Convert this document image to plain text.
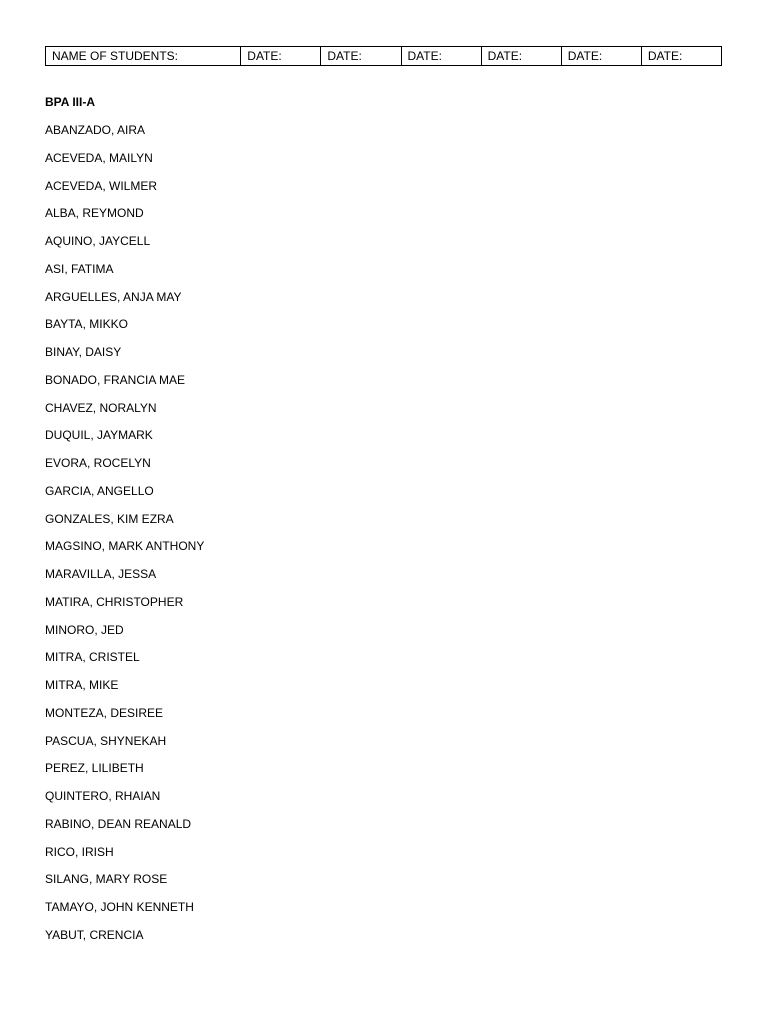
NAME OF STUDENTS:	DATE:	DATE:	DATE:	DATE:	DATE:	DATE:
BPA III-A
ABANZADO, AIRA
ACEVEDA, MAILYN
ACEVEDA, WILMER
ALBA, REYMOND
AQUINO, JAYCELL
ASI, FATIMA
ARGUELLES, ANJA MAY
BAYTA, MIKKO
BINAY, DAISY
BONADO, FRANCIA MAE
CHAVEZ, NORALYN
DUQUIL, JAYMARK
EVORA, ROCELYN
GARCIA, ANGELLO
GONZALES, KIM EZRA
MAGSINO, MARK ANTHONY
MARAVILLA, JESSA
MATIRA, CHRISTOPHER
MINORO, JED
MITRA, CRISTEL
MITRA, MIKE
MONTEZA, DESIREE
PASCUA, SHYNEKAH
PEREZ, LILIBETH
QUINTERO, RHAIAN
RABINO, DEAN REANALD
RICO, IRISH
SILANG, MARY ROSE
TAMAYO, JOHN KENNETH
YABUT, CRENCIA
